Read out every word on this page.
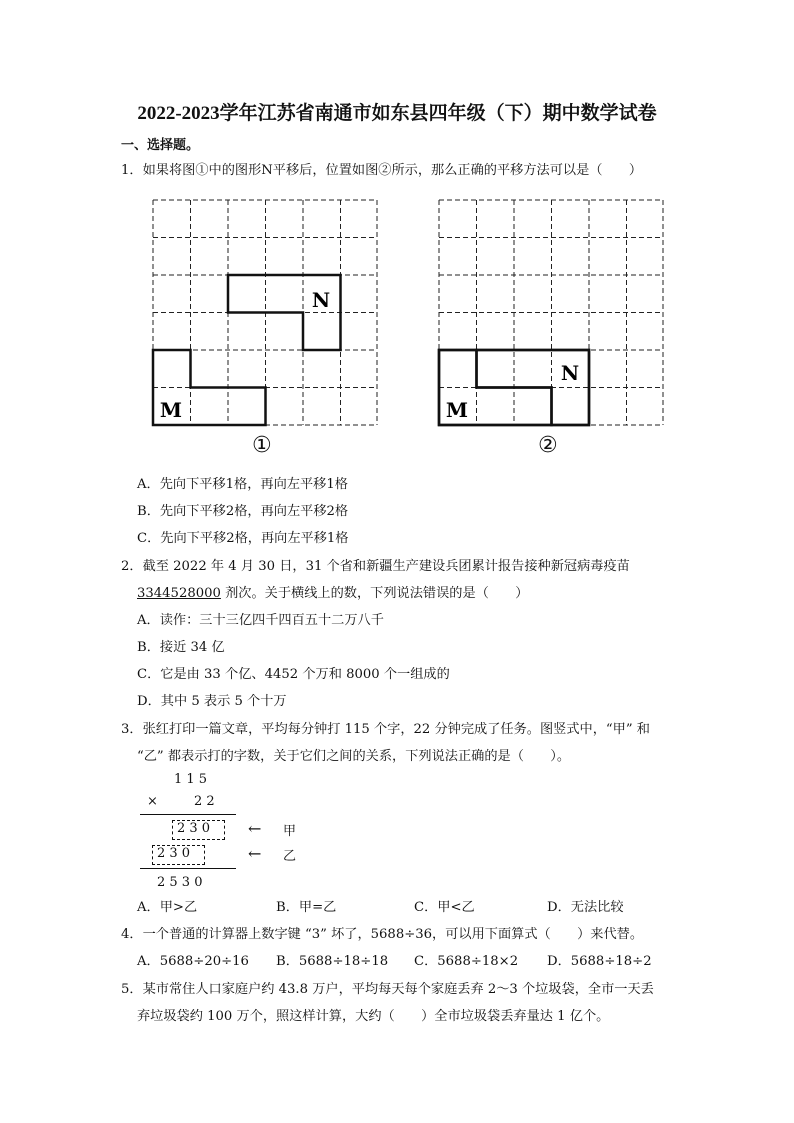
2022-2023学年江苏省南通市如东县四年级（下）期中数学试卷
一、选择题。
1．如果将图①中的图形N平移后，位置如图②所示，那么正确的平移方法可以是（　　）
N
M
①
N
M
②
A．先向下平移1格，再向左平移1格
B．先向下平移2格，再向左平移2格
C．先向下平移2格，再向左平移1格
2．截至 2022 年 4 月 30 日，31 个省和新疆生产建设兵团累计报告接种新冠病毒疫苗
3344528000 剂次。关于横线上的数，下列说法错误的是（　　）
A．读作：三十三亿四千四百五十二万八千
B．接近 34 亿
C．它是由 33 个亿、4452 个万和 8000 个一组成的
D．其中 5 表示 5 个十万
3．张红打印一篇文章，平均每分钟打 115 个字，22 分钟完成了任务。图竖式中，“甲” 和
“乙” 都表示打的字数，关于它们之间的关系，下列说法正确的是（　　）。
1 1 5
×	2 2
2 3 0 ← 甲
2 3 0	← 乙
2 5 3 0
A．甲>乙	B．甲=乙	C．甲<乙	D．无法比较
4．一个普通的计算器上数字键 “3” 坏了，5688÷36，可以用下面算式（　　）来代替。
A．5688÷20÷16 B．5688÷18÷18 C．5688÷18×2 D．5688÷18÷2
5．某市常住人口家庭户约 43.8 万户，平均每天每个家庭丢弃 2～3 个垃圾袋，全市一天丢
弃垃圾袋约 100 万个，照这样计算，大约（　　）全市垃圾袋丢弃量达 1 亿个。
